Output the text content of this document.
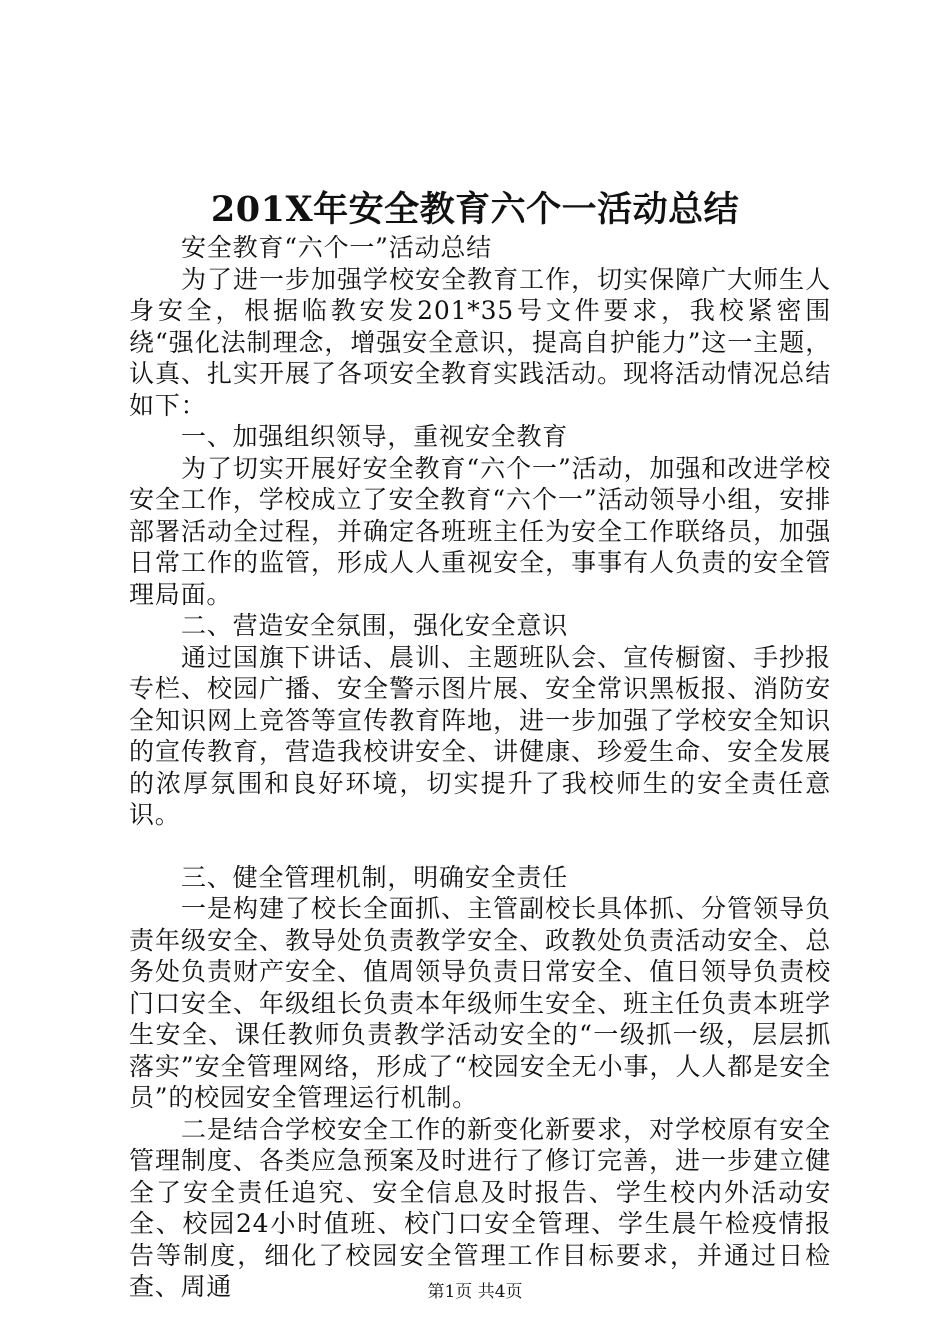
201X年安全教育六个一活动总结

安全教育“六个一”活动总结

为了进一步加强学校安全教育工作，切实保障广大师生人身安全，根据临教安发201*35号文件要求，我校紧密围绕“强化法制理念，增强安全意识，提高自护能力”这一主题，认真、扎实开展了各项安全教育实践活动。现将活动情况总结如下：

一、加强组织领导，重视安全教育

为了切实开展好安全教育“六个一”活动，加强和改进学校安全工作，学校成立了安全教育“六个一”活动领导小组，安排部署活动全过程，并确定各班班主任为安全工作联络员，加强日常工作的监管，形成人人重视安全，事事有人负责的安全管理局面。

二、营造安全氛围，强化安全意识

通过国旗下讲话、晨训、主题班队会、宣传橱窗、手抄报专栏、校园广播、安全警示图片展、安全常识黑板报、消防安全知识网上竞答等宣传教育阵地，进一步加强了学校安全知识的宣传教育，营造我校讲安全、讲健康、珍爱生命、安全发展的浓厚氛围和良好环境，切实提升了我校师生的安全责任意识。

三、健全管理机制，明确安全责任

一是构建了校长全面抓、主管副校长具体抓、分管领导负责年级安全、教导处负责教学安全、政教处负责活动安全、总务处负责财产安全、值周领导负责日常安全、值日领导负责校门口安全、年级组长负责本年级师生安全、班主任负责本班学生安全、课任教师负责教学活动安全的“一级抓一级，层层抓落实”安全管理网络，形成了“校园安全无小事，人人都是安全员”的校园安全管理运行机制。

二是结合学校安全工作的新变化新要求，对学校原有安全管理制度、各类应急预案及时进行了修订完善，进一步建立健全了安全责任追究、安全信息及时报告、学生校内外活动安全、校园24小时值班、校门口安全管理、学生晨午检疫情报告等制度，细化了校园安全管理工作目标要求，并通过日检查、周通	第1页 共4页
